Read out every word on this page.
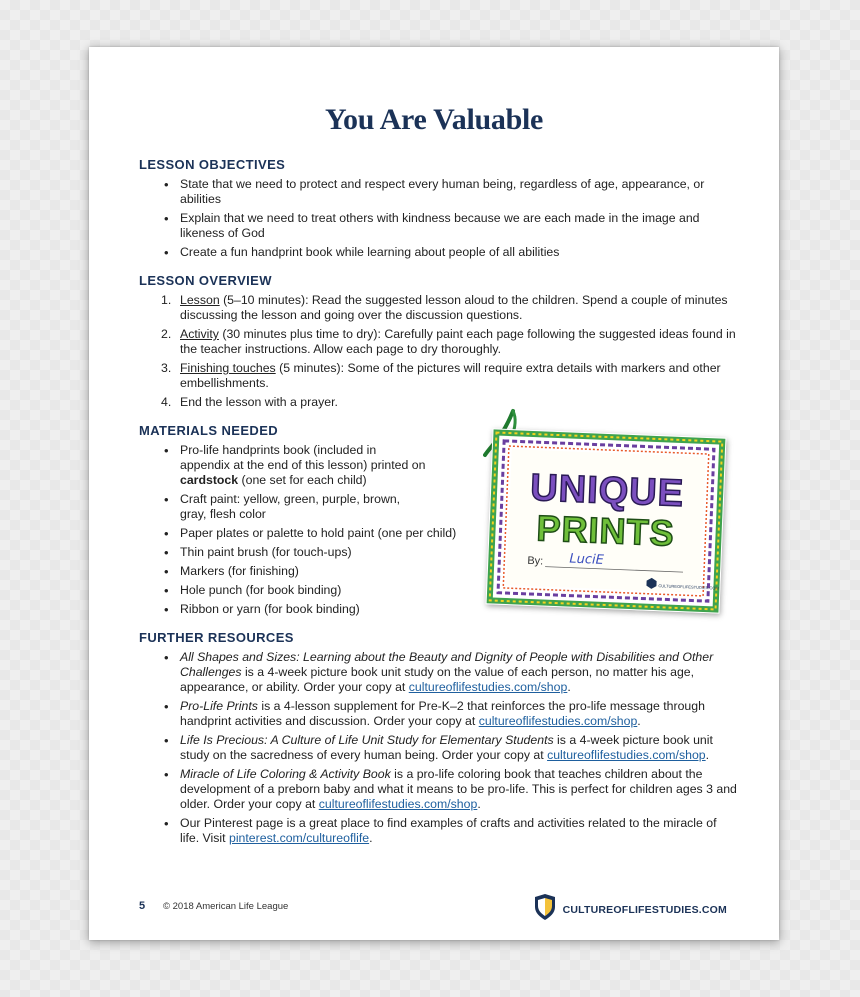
You Are Valuable
LESSON OBJECTIVES
• State that we need to protect and respect every human being, regardless of age, appearance, or abilities
• Explain that we need to treat others with kindness because we are each made in the image and likeness of God
• Create a fun handprint book while learning about people of all abilities
LESSON OVERVIEW
1. Lesson (5–10 minutes): Read the suggested lesson aloud to the children. Spend a couple of minutes discussing the lesson and going over the discussion questions.
2. Activity (30 minutes plus time to dry): Carefully paint each page following the suggested ideas found in the teacher instructions. Allow each page to dry thoroughly.
3. Finishing touches (5 minutes): Some of the pictures will require extra details with markers and other embellishments.
4. End the lesson with a prayer.
MATERIALS NEEDED
• Pro-life handprints book (included in appendix at the end of this lesson) printed on cardstock (one set for each child)
• Craft paint: yellow, green, purple, brown, gray, flesh color
• Paper plates or palette to hold paint (one per child)
• Thin paint brush (for touch-ups)
• Markers (for finishing)
• Hole punch (for book binding)
• Ribbon or yarn (for book binding)
FURTHER RESOURCES
• All Shapes and Sizes: Learning about the Beauty and Dignity of People with Disabilities and Other Challenges is a 4-week picture book unit study on the value of each person, no matter his age, appearance, or ability. Order your copy at cultureoflifestudies.com/shop.
• Pro-Life Prints is a 4-lesson supplement for Pre-K–2 that reinforces the pro-life message through handprint activities and discussion. Order your copy at cultureoflifestudies.com/shop.
• Life Is Precious: A Culture of Life Unit Study for Elementary Students is a 4-week picture book unit study on the sacredness of every human being. Order your copy at cultureoflifestudies.com/shop.
• Miracle of Life Coloring & Activity Book is a pro-life coloring book that teaches children about the development of a preborn baby and what it means to be pro-life. This is perfect for children ages 3 and older. Order your copy at cultureoflifestudies.com/shop.
• Our Pinterest page is a great place to find examples of crafts and activities related to the miracle of life. Visit pinterest.com/cultureoflife.
UNIQUE
PRINTS
By: LuciE
CULTUREOFLIFESTUDIES.COM
5 © 2018 American Life League	CULTUREOFLIFESTUDIES.COM
